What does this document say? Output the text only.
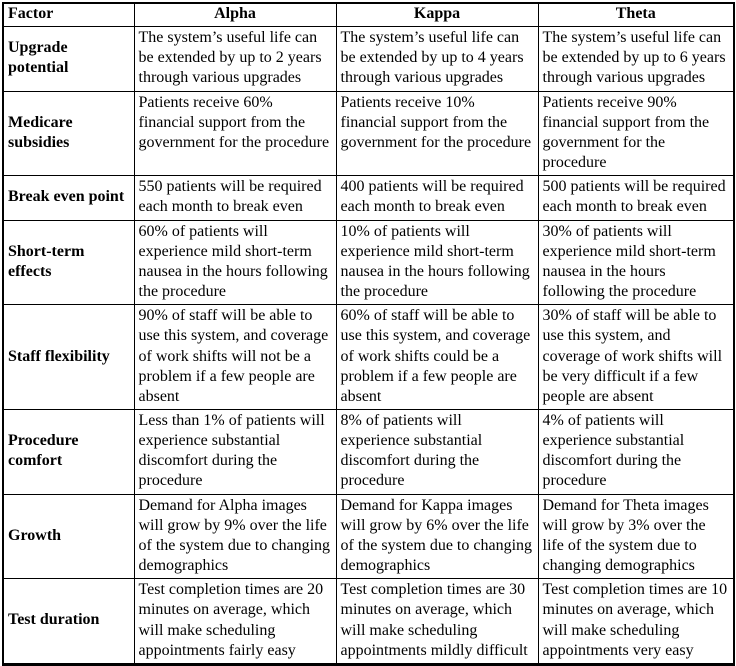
Factor	Alpha	Kappa	Theta
Upgrade potential	The system’s useful life can be extended by up to 2 years through various upgrades	The system’s useful life can be extended by up to 4 years through various upgrades	The system’s useful life can be extended by up to 6 years through various upgrades
Medicare subsidies	Patients receive 60% financial support from the government for the procedure	Patients receive 10% financial support from the government for the procedure	Patients receive 90% financial support from the government for the procedure
Break even point	550 patients will be required each month to break even	400 patients will be required each month to break even	500 patients will be required each month to break even
Short-term effects	60% of patients will experience mild short-term nausea in the hours following the procedure	10% of patients will experience mild short-term nausea in the hours following the procedure	30% of patients will experience mild short-term nausea in the hours following the procedure
Staff flexibility	90% of staff will be able to use this system, and coverage of work shifts will not be a problem if a few people are absent	60% of staff will be able to use this system, and coverage of work shifts could be a problem if a few people are absent	30% of staff will be able to use this system, and coverage of work shifts will be very difficult if a few people are absent
Procedure comfort	Less than 1% of patients will experience substantial discomfort during the procedure	8% of patients will experience substantial discomfort during the procedure	4% of patients will experience substantial discomfort during the procedure
Growth	Demand for Alpha images will grow by 9% over the life of the system due to changing demographics	Demand for Kappa images will grow by 6% over the life of the system due to changing demographics	Demand for Theta images will grow by 3% over the life of the system due to changing demographics
Test duration	Test completion times are 20 minutes on average, which will make scheduling appointments fairly easy	Test completion times are 30 minutes on average, which will make scheduling appointments mildly difficult	Test completion times are 10 minutes on average, which will make scheduling appointments very easy
